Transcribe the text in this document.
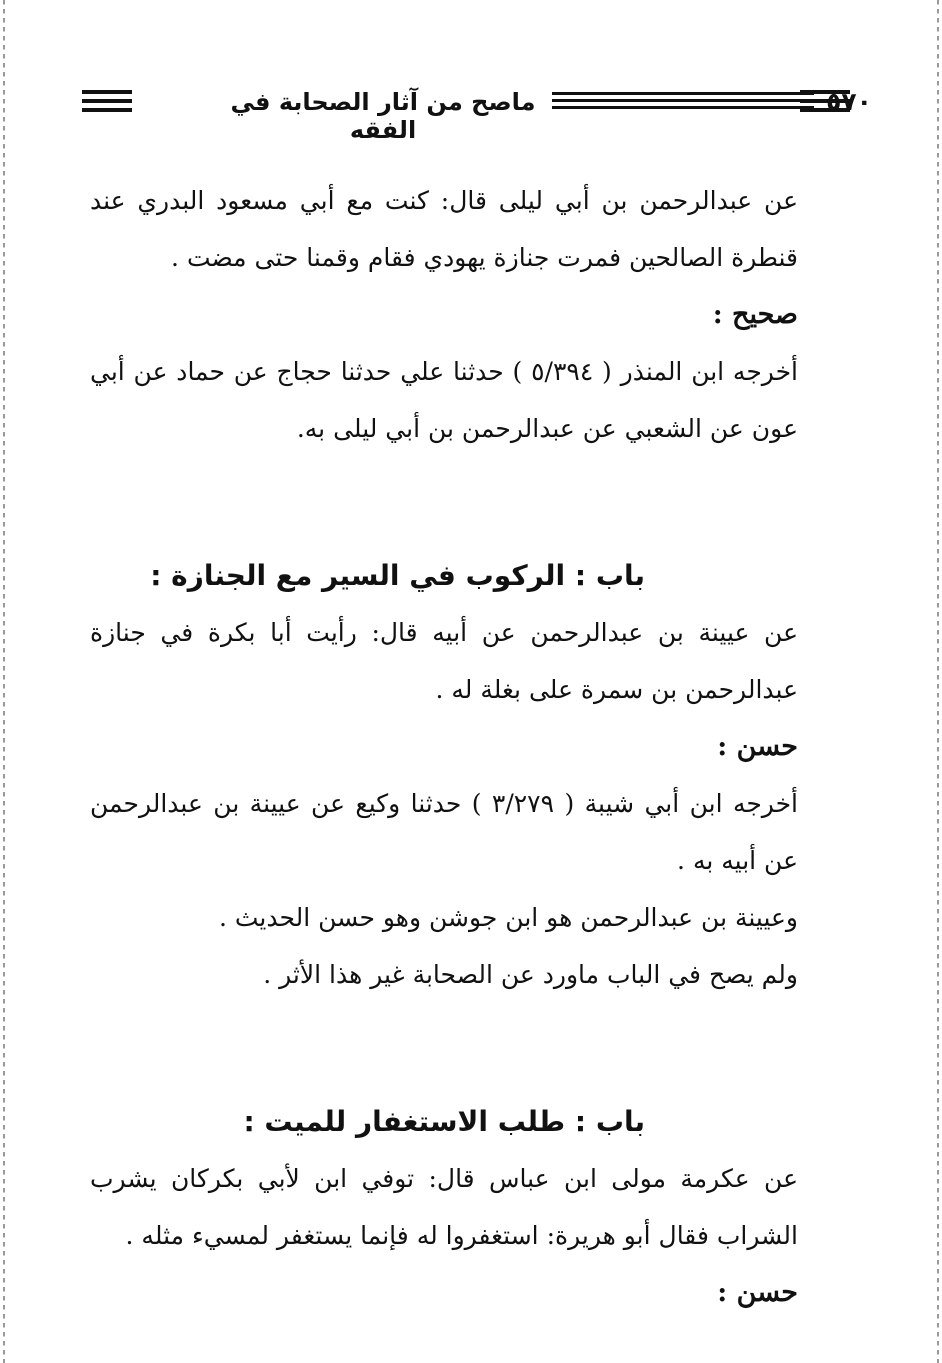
٥٧٠
ماصح من آثار الصحابة في الفقه

عن عبدالرحمن بن أبي ليلى قال: كنت مع أبي مسعود البدري عند قنطرة الصالحين فمرت جنازة يهودي فقام وقمنا حتى مضت .

صحيح :

أخرجه ابن المنذر ( ٥/٣٩٤ ) حدثنا علي حدثنا حجاج عن حماد عن أبي عون عن الشعبي عن عبدالرحمن بن أبي ليلى به.

باب : الركوب في السير مع الجنازة :

عن عيينة بن عبدالرحمن عن أبيه قال: رأيت أبا بكرة في جنازة عبدالرحمن بن سمرة على بغلة له .

حسن :

أخرجه ابن أبي شيبة ( ٣/٢٧٩ ) حدثنا وكيع عن عيينة بن عبدالرحمن عن أبيه به .

وعيينة بن عبدالرحمن هو ابن جوشن وهو حسن الحديث .

ولم يصح في الباب ماورد عن الصحابة غير هذا الأثر .

باب : طلب الاستغفار للميت :

عن عكرمة مولى ابن عباس قال: توفي ابن لأبي بكركان يشرب الشراب فقال أبو هريرة: استغفروا له فإنما يستغفر لمسيء مثله .

حسن :
